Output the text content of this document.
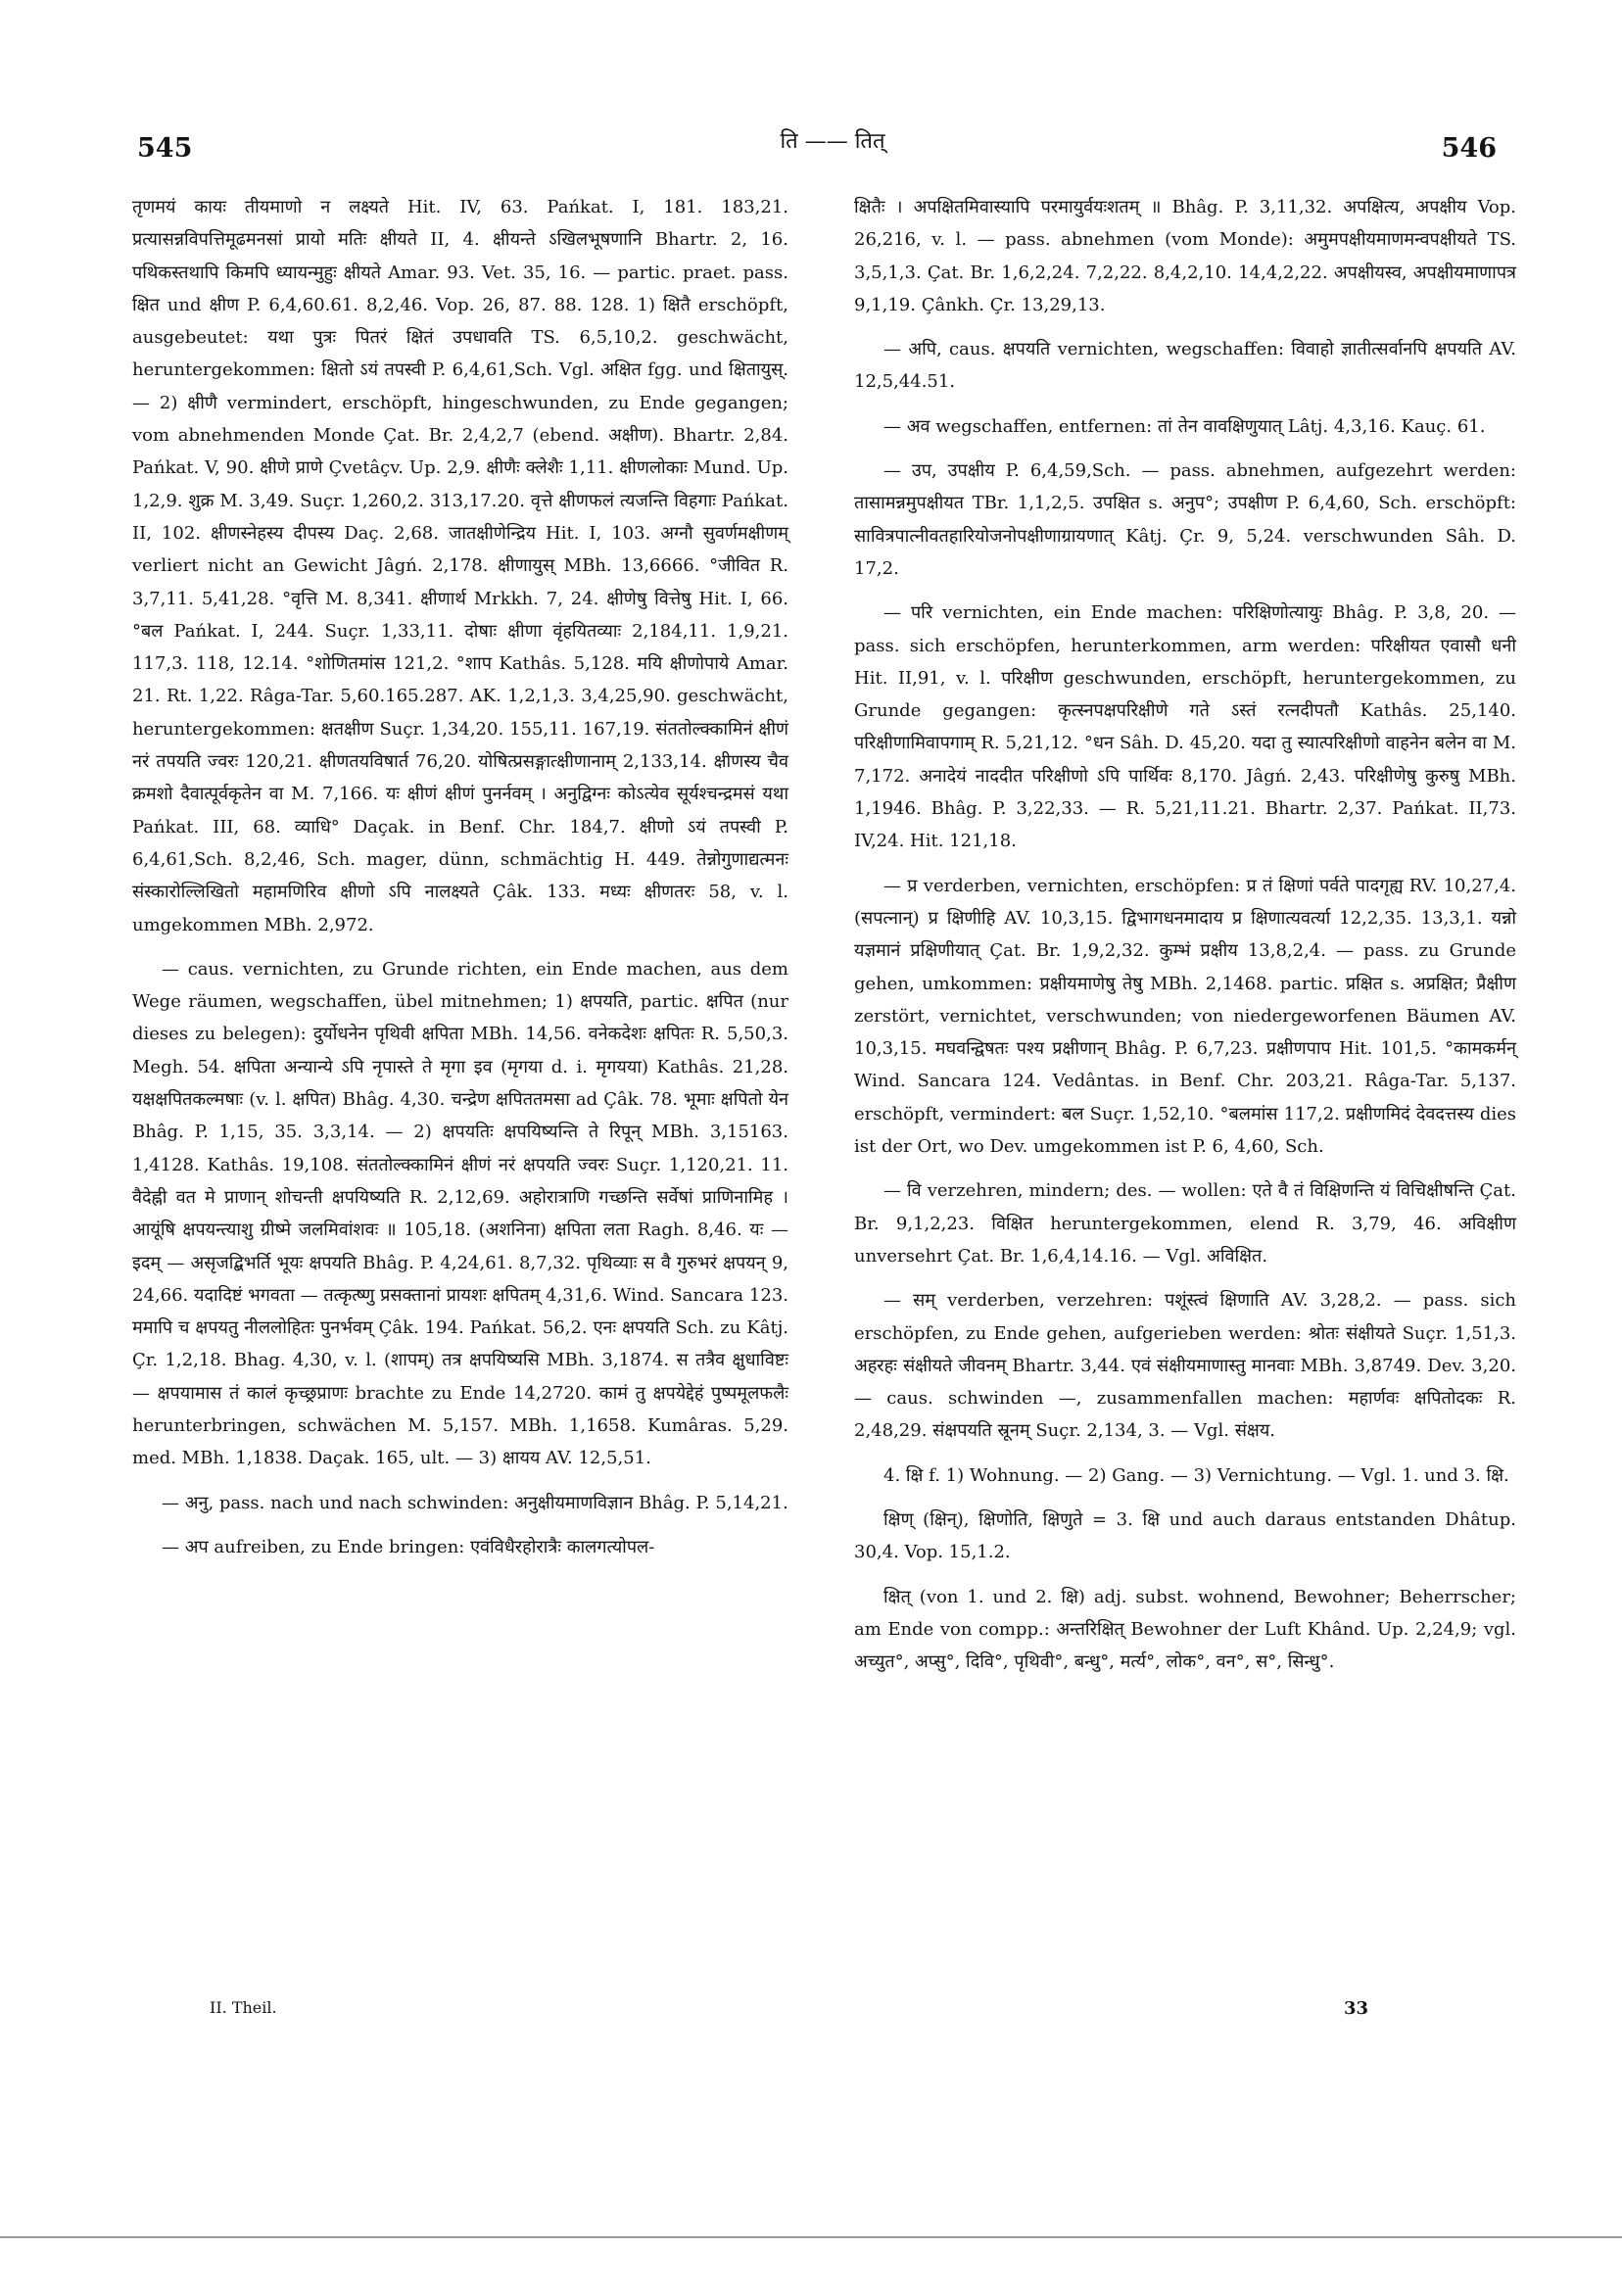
545	ति —— तित्	546

तृणमयं कायः तीयमाणो न लक्ष्यते Hit. IV, 63. Pańkat. I, 181. 183,21. प्रत्यासन्नविपत्तिमूढमनसां प्रायो मतिः क्षीयते II, 4. क्षीयन्ते ऽखिलभूषणानि Bhartr. 2, 16. पथिकस्तथापि किमपि ध्यायन्मुहुः क्षीयते Amar. 93. Vet. 35, 16. — partic. praet. pass. क्षित und क्षीण P. 6,4,60.61. 8,2,46. Vop. 26, 87. 88. 128. 1) क्षितै erschöpft, ausgebeutet: यथा पुत्रः पितरं क्षितं उपधावति TS. 6,5,10,2. geschwächt, heruntergekommen: क्षितो ऽयं तपस्वी P. 6,4,61,Sch. Vgl. अक्षित fgg. und क्षितायुस्. — 2) क्षीणै vermindert, erschöpft, hingeschwunden, zu Ende gegangen; vom abnehmenden Monde Çat. Br. 2,4,2,7 (ebend. अक्षीण). Bhartr. 2,84. Pańkat. V, 90. क्षीणे प्राणे Çvetâçv. Up. 2,9. क्षीणैः क्लेशैः 1,11. क्षीणलोकाः Mund. Up. 1,2,9. शुक्र M. 3,49. Suçr. 1,260,2. 313,17.20. वृत्ते क्षीणफलं त्यजन्ति विहगाः Pańkat. II, 102. क्षीणस्नेहस्य दीपस्य Daç. 2,68. जातक्षीणेन्द्रिय Hit. I, 103. अग्नौ सुवर्णमक्षीणम् verliert nicht an Gewicht Jâgń. 2,178. क्षीणायुस् MBh. 13,6666. °जीवित R. 3,7,11. 5,41,28. °वृत्ति M. 8,341. क्षीणार्थ Mrkkh. 7, 24. क्षीणेषु वित्तेषु Hit. I, 66. °बल Pańkat. I, 244. Suçr. 1,33,11. दोषाः क्षीणा वृंहयितव्याः 2,184,11. 1,9,21. 117,3. 118, 12.14. °शोणितमांस 121,2. °शाप Kathâs. 5,128. मयि क्षीणोपाये Amar. 21. Rt. 1,22. Râga-Tar. 5,60.165.287. AK. 1,2,1,3. 3,4,25,90. geschwächt, heruntergekommen: क्षतक्षीण Suçr. 1,34,20. 155,11. 167,19. संततोल्क्कामिनं क्षीणं नरं तपयति ज्वरः 120,21. क्षीणतयविषार्त 76,20. योषित्प्रसङ्गात्क्षीणानाम् 2,133,14. क्षीणस्य चैव क्रमशो दैवात्पूर्वकृतेन वा M. 7,166. यः क्षीणं क्षीणं पुनर्नवम् । अनुद्विग्नः कोऽत्येव सूर्यश्चन्द्रमसं यथा Pańkat. III, 68. व्याधि° Daçak. in Benf. Chr. 184,7. क्षीणो ऽयं तपस्वी P. 6,4,61,Sch. 8,2,46, Sch. mager, dünn, schmächtig H. 449. तेन्नोगुणाद्यत्मनः संस्कारोल्लिखितो महामणिरिव क्षीणो ऽपि नालक्ष्यते Çâk. 133. मध्यः क्षीणतरः 58, v. l. umgekommen MBh. 2,972.

— caus. vernichten, zu Grunde richten, ein Ende machen, aus dem Wege räumen, wegschaffen, übel mitnehmen; 1) क्षपयति, partic. क्षपित (nur dieses zu belegen): दुर्योधनेन पृथिवी क्षपिता MBh. 14,56. वनेकदेशः क्षपितः R. 5,50,3. Megh. 54. क्षपिता अन्यान्ये ऽपि नृपास्ते ते मृगा इव (मृगया d. i. मृगयया) Kathâs. 21,28. यक्षक्षपितकल्मषाः (v. l. क्षपित) Bhâg. 4,30. चन्द्रेण क्षपिततमसा ad Çâk. 78. भूमाः क्षपितो येन Bhâg. P. 1,15, 35. 3,3,14. — 2) क्षपयतिः क्षपयिष्यन्ति ते रिपून् MBh. 3,15163. 1,4128. Kathâs. 19,108. संततोल्क्कामिनं क्षीणं नरं क्षपयति ज्वरः Suçr. 1,120,21. 11. वैदेह्नी वत मे प्राणान् शोचन्ती क्षपयिष्यति R. 2,12,69. अहोरात्राणि गच्छन्ति सर्वेषां प्राणिनामिह । आयूंषि क्षपयन्त्याशु ग्रीष्मे जलमिवांशवः ॥ 105,18. (अशनिना) क्षपिता लता Ragh. 8,46. यः — इदम् — असृजद्बिभर्ति भूयः क्षपयति Bhâg. P. 4,24,61. 8,7,32. पृथिव्याः स वै गुरुभरं क्षपयन् 9, 24,66. यदादिष्टं भगवता — तत्कृत्ष्णु प्रसक्तानां प्रायशः क्षपितम् 4,31,6. Wind. Sancara 123. ममापि च क्षपयतु नीललोहितः पुनर्भवम् Çâk. 194. Pańkat. 56,2. एनः क्षपयति Sch. zu Kâtj. Çr. 1,2,18. Bhag. 4,30, v. l. (शापम्) तत्र क्षपयिष्यसि MBh. 3,1874. स तत्रैव क्षुधाविष्टः — क्षपयामास तं कालं कृच्छ्रप्राणः brachte zu Ende 14,2720. कामं तु क्षपयेद्देहं पुष्पमूलफलैः herunterbringen, schwächen M. 5,157. MBh. 1,1658. Kumâras. 5,29. med. MBh. 1,1838. Daçak. 165, ult. — 3) क्षायय AV. 12,5,51.

— अनु, pass. nach und nach schwinden: अनुक्षीयमाणविज्ञान Bhâg. P. 5,14,21.

— अप aufreiben, zu Ende bringen: एवंविधैरहोरात्रैः कालगत्योपल-

क्षितैः । अपक्षितमिवास्यापि परमायुर्वयःशतम् ॥ Bhâg. P. 3,11,32. अपक्षित्य, अपक्षीय Vop. 26,216, v. l. — pass. abnehmen (vom Monde): अमुमपक्षीयमाणमन्वपक्षीयते TS. 3,5,1,3. Çat. Br. 1,6,2,24. 7,2,22. 8,4,2,10. 14,4,2,22. अपक्षीयस्व, अपक्षीयमाणापत्र 9,1,19. Çânkh. Çr. 13,29,13.

— अपि, caus. क्षपयति vernichten, wegschaffen: विवाहो ज्ञातीत्सर्वानपि क्षपयति AV. 12,5,44.51.

— अव wegschaffen, entfernen: तां तेन वावक्षिणुयात् Lâtj. 4,3,16. Kauç. 61.

— उप, उपक्षीय P. 6,4,59,Sch. — pass. abnehmen, aufgezehrt werden: तासामन्नमुपक्षीयत TBr. 1,1,2,5. उपक्षित s. अनुप°; उपक्षीण P. 6,4,60, Sch. erschöpft: सावित्रपात्नीवतहारियोजनोपक्षीणाग्रायणात् Kâtj. Çr. 9, 5,24. verschwunden Sâh. D. 17,2.

— परि vernichten, ein Ende machen: परिक्षिणोत्यायुः Bhâg. P. 3,8, 20. — pass. sich erschöpfen, herunterkommen, arm werden: परिक्षीयत एवासौ धनी Hit. II,91, v. l. परिक्षीण geschwunden, erschöpft, heruntergekommen, zu Grunde gegangen: कृत्स्नपक्षपरिक्षीणे गते ऽस्तं रत्नदीपतौ Kathâs. 25,140. परिक्षीणामिवापगाम् R. 5,21,12. °धन Sâh. D. 45,20. यदा तु स्यात्परिक्षीणो वाहनेन बलेन वा M. 7,172. अनादेयं नाददीत परिक्षीणो ऽपि पार्थिवः 8,170. Jâgń. 2,43. परिक्षीणेषु कुरुषु MBh. 1,1946. Bhâg. P. 3,22,33. — R. 5,21,11.21. Bhartr. 2,37. Pańkat. II,73. IV,24. Hit. 121,18.

— प्र verderben, vernichten, erschöpfen: प्र तं क्षिणां पर्वते पादगृह्य RV. 10,27,4. (सपत्नान्) प्र क्षिणीहि AV. 10,3,15. द्विभागधनमादाय प्र क्षिणात्यवर्त्या 12,2,35. 13,3,1. यन्नो यज्ञमानं प्रक्षिणीयात् Çat. Br. 1,9,2,32. कुम्भं प्रक्षीय 13,8,2,4. — pass. zu Grunde gehen, umkommen: प्रक्षीयमाणेषु तेषु MBh. 2,1468. partic. प्रक्षित s. अप्रक्षित; प्रैक्षीण zerstört, vernichtet, verschwunden; von niedergeworfenen Bäumen AV. 10,3,15. मघवन्द्विषतः पश्य प्रक्षीणान् Bhâg. P. 6,7,23. प्रक्षीणपाप Hit. 101,5. °कामकर्मन् Wind. Sancara 124. Vedântas. in Benf. Chr. 203,21. Râga-Tar. 5,137. erschöpft, vermindert: बल Suçr. 1,52,10. °बलमांस 117,2. प्रक्षीणमिदं देवदत्तस्य dies ist der Ort, wo Dev. umgekommen ist P. 6, 4,60, Sch.

— वि verzehren, mindern; des. — wollen: एते वै तं विक्षिणन्ति यं विचिक्षीषन्ति Çat. Br. 9,1,2,23. विक्षित heruntergekommen, elend R. 3,79, 46. अविक्षीण unversehrt Çat. Br. 1,6,4,14.16. — Vgl. अविक्षित.

— सम् verderben, verzehren: पशूंस्त्वं क्षिणाति AV. 3,28,2. — pass. sich erschöpfen, zu Ende gehen, aufgerieben werden: श्रोतः संक्षीयते Suçr. 1,51,3. अहरहः संक्षीयते जीवनम् Bhartr. 3,44. एवं संक्षीयमाणास्तु मानवाः MBh. 3,8749. Dev. 3,20. — caus. schwinden —, zusammenfallen machen: महार्णवः क्षपितोदकः R. 2,48,29. संक्षपयति स्रूनम् Suçr. 2,134, 3. — Vgl. संक्षय.

4. क्षि f. 1) Wohnung. — 2) Gang. — 3) Vernichtung. — Vgl. 1. und 3. क्षि.

क्षिण् (क्षिन्), क्षिणोति, क्षिणुते = 3. क्षि und auch daraus entstanden Dhâtup. 30,4. Vop. 15,1.2.

क्षित् (von 1. und 2. क्षि) adj. subst. wohnend, Bewohner; Beherrscher; am Ende von compp.: अन्तरिक्षित् Bewohner der Luft Khând. Up. 2,24,9; vgl. अच्युत°, अप्सु°, दिवि°, पृथिवी°, बन्धु°, मर्त्य°, लोक°, वन°, स°, सिन्धु°.

II. Theil.	33
